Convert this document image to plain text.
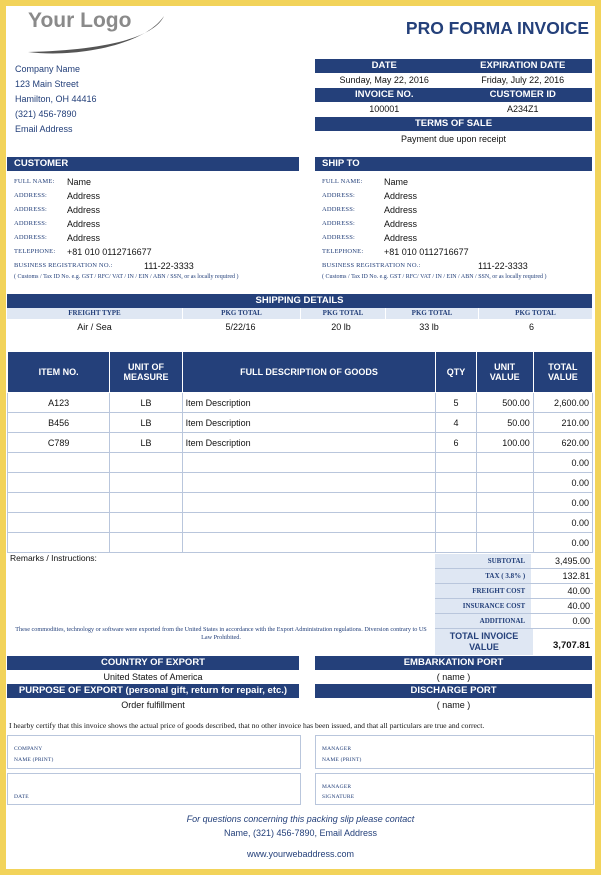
Your Logo	PRO FORMA INVOICE
Company Name
123 Main Street
Hamilton, OH 44416
(321) 456-7890
Email Address
DATE	EXPIRATION DATE
Sunday, May 22, 2016	Friday, July 22, 2016
INVOICE NO.	CUSTOMER ID
100001	A234Z1
TERMS OF SALE
Payment due upon receipt
CUSTOMER
FULL NAME:	Name
ADDRESS:	Address
ADDRESS:	Address
ADDRESS:	Address
ADDRESS:	Address
TELEPHONE:	+81 010 0112716677
BUSINESS REGISTRATION NO.:	111-22-3333
( Customs / Tax ID No. e.g. GST / RFC/ VAT / IN / EIN / ABN / SSN, or as locally required )
SHIP TO
FULL NAME:	Name
ADDRESS:	Address
ADDRESS:	Address
ADDRESS:	Address
ADDRESS:	Address
TELEPHONE:	+81 010 0112716677
BUSINESS REGISTRATION NO.:	111-22-3333
( Customs / Tax ID No. e.g. GST / RFC/ VAT / IN / EIN / ABN / SSN, or as locally required )
SHIPPING DETAILS
FREIGHT TYPE	PKG TOTAL	PKG TOTAL	PKG TOTAL	PKG TOTAL
Air / Sea	5/22/16	20 lb	33 lb	6
ITEM NO.	UNIT OF MEASURE	FULL DESCRIPTION OF GOODS	QTY	UNIT VALUE	TOTAL VALUE
A123	LB	Item Description	5	500.00	2,600.00
B456	LB	Item Description	4	50.00	210.00
C789	LB	Item Description	6	100.00	620.00
					0.00
					0.00
					0.00
					0.00
					0.00
Remarks / Instructions:
These commodities, technology or software were exported from the United States in accordance with the Export Administration regulations. Diversion contrary to US Law Prohibited.
SUBTOTAL	3,495.00
TAX ( 3.8% )	132.81
FREIGHT COST	40.00
INSURANCE COST	40.00
ADDITIONAL	0.00
TOTAL INVOICE
VALUE	3,707.81
COUNTRY OF EXPORT
United States of America
EMBARKATION PORT
( name )
PURPOSE OF EXPORT (personal gift, return for repair, etc.)
Order fulfillment
DISCHARGE PORT
( name )
I hearby certify that this invoice shows the actual price of goods described, that no other invoice has been issued, and that all particulars are true and correct.
COMPANY
NAME (PRINT)
MANAGER
NAME (PRINT)
DATE
MANAGER
SIGNATURE
For questions concerning this packing slip please contact
Name, (321) 456-7890, Email Address
www.yourwebaddress.com
